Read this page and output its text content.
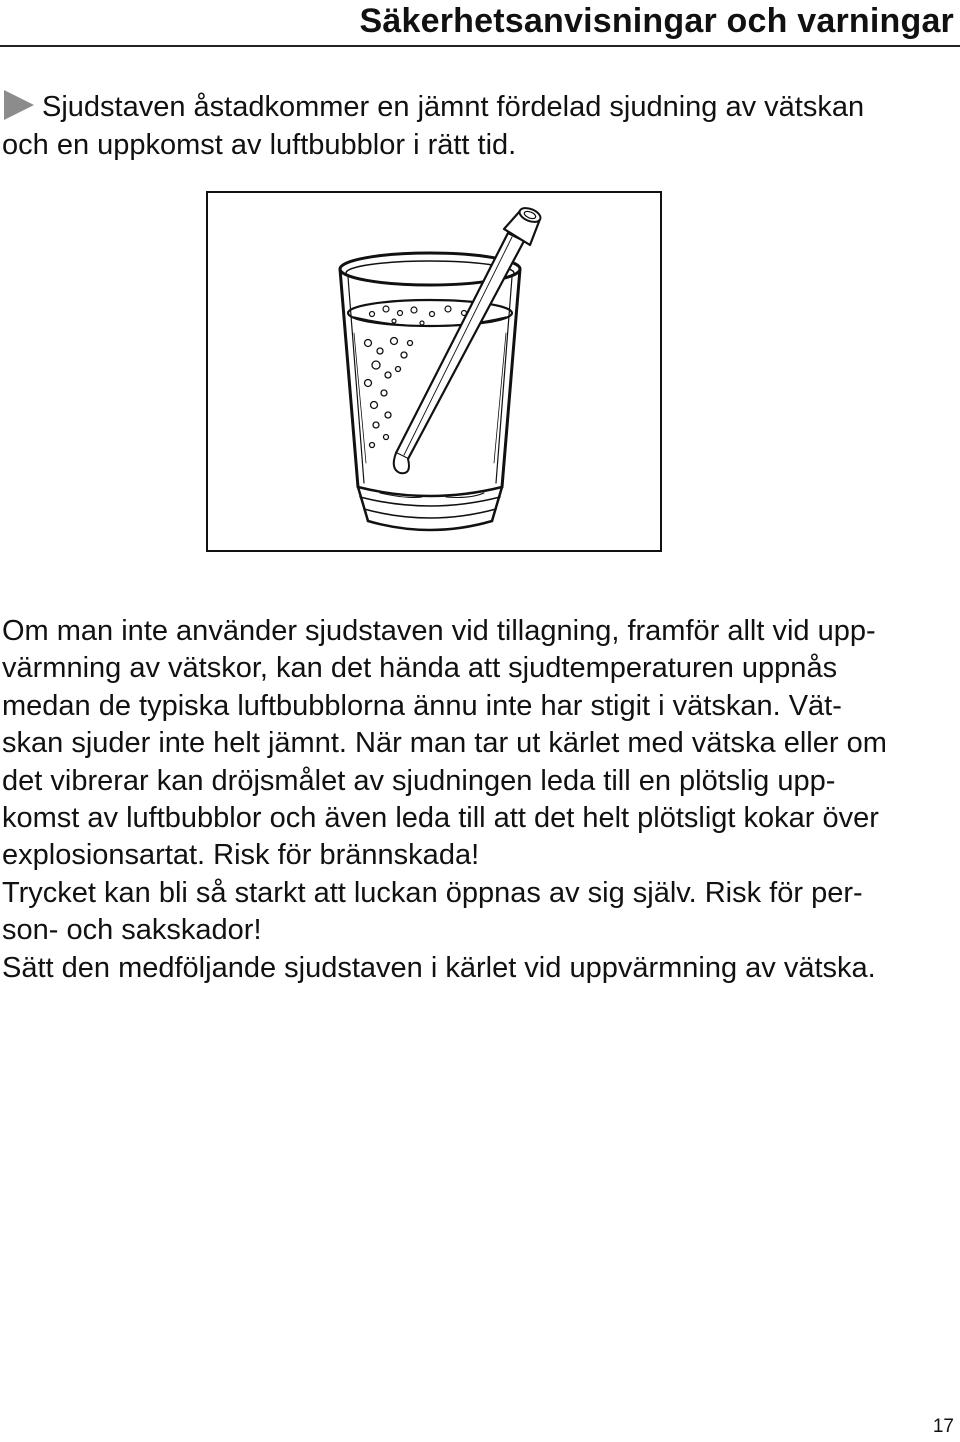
Säkerhetsanvisningar och varningar
Sjudstaven åstadkommer en jämnt fördelad sjudning av vätskan
och en uppkomst av luftbubblor i rätt tid.
Om man inte använder sjudstaven vid tillagning, framför allt vid upp-
värmning av vätskor, kan det hända att sjudtemperaturen uppnås
medan de typiska luftbubblorna ännu inte har stigit i vätskan. Vät-
skan sjuder inte helt jämnt. När man tar ut kärlet med vätska eller om
det vibrerar kan dröjsmålet av sjudningen leda till en plötslig upp-
komst av luftbubblor och även leda till att det helt plötsligt kokar över
explosionsartat. Risk för brännskada!
Trycket kan bli så starkt att luckan öppnas av sig själv. Risk för per-
son- och sakskador!
Sätt den medföljande sjudstaven i kärlet vid uppvärmning av vätska.
17
